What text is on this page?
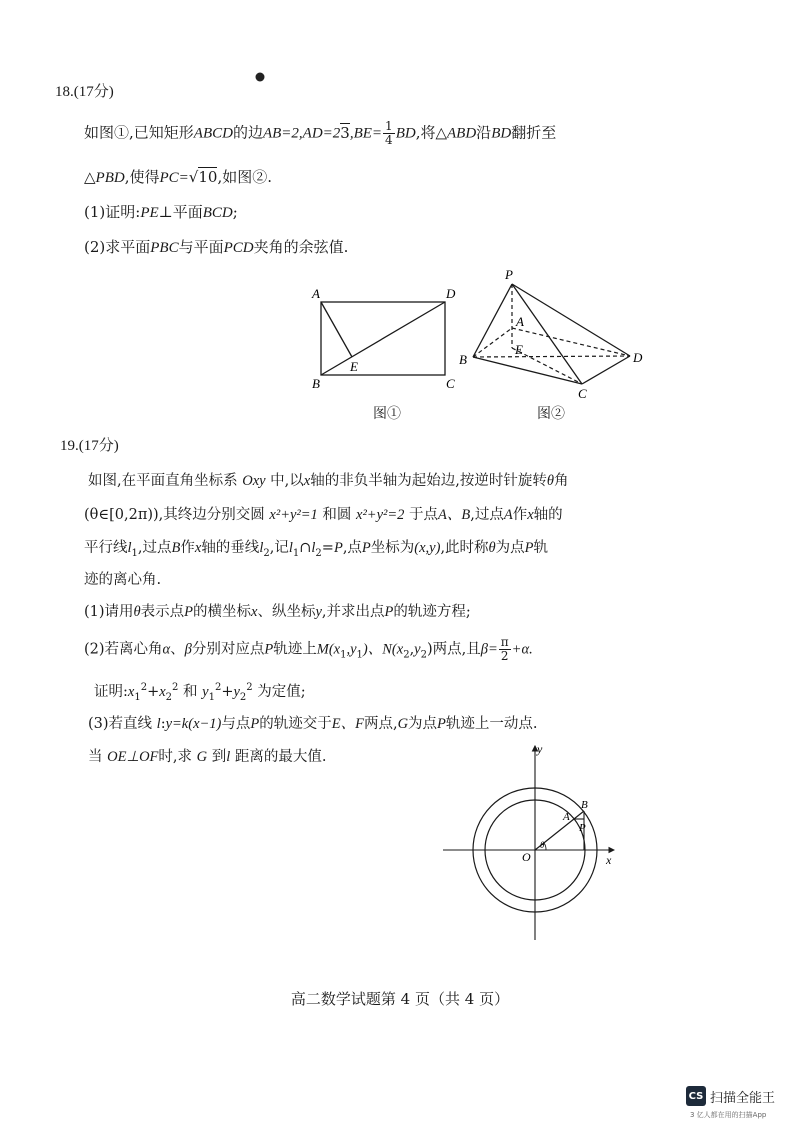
18.(17分)
如图①,已知矩形ABCD的边$AB=2,AD=23,BE= \frac{1}{4}$ BD,将△ABD沿BD翻折至
△PBD,使得PC=√10,如图②.
(1)证明:PE⊥平面BCD;
(2)求平面PBC与平面PCD夹角的余弦值.
A	D
B	C
E
图①
P
A
E
B
C
D
图②
19.(17分)
如图,在平面直角坐标系 Oxy 中,以x轴的非负半轴为起始边,按逆时针旋转θ角
(θ∈[0,2π)),其终边分别交圆 x²+y²=1 和圆 x²+y²=2 于点A、B,过点A作x轴的
平行线$l_1$,过点B作x轴的垂线$l_2$,记$l_1\cap l_2=P$,点P坐标为(x,y),此时称θ为点P轨
迹的离心角.
(1)请用θ表示点P的横坐标x、纵坐标y,并求出点P的轨迹方程;
(2)若离心角α、β分别对应点P轨迹上$M(x_1,y_1)$、$N(x_2,y_2)$两点,且$\beta= \frac{\pi}{2} +\alpha$.
证明$:x_1^2+x_2^2$ 和 $y_1^2+y_2^2$ 为定值;
(3)若直线 l:y=k(x−1)与点P的轨迹交于E、F两点,G为点P轨迹上一动点.
当 OE⊥OF时,求 G 到l 距离的最大值.	y
x
O
θ
A
B
P
高二数学试题第 4 页（共 4 页）
CS 扫描全能王
3 亿人都在用的扫描App
